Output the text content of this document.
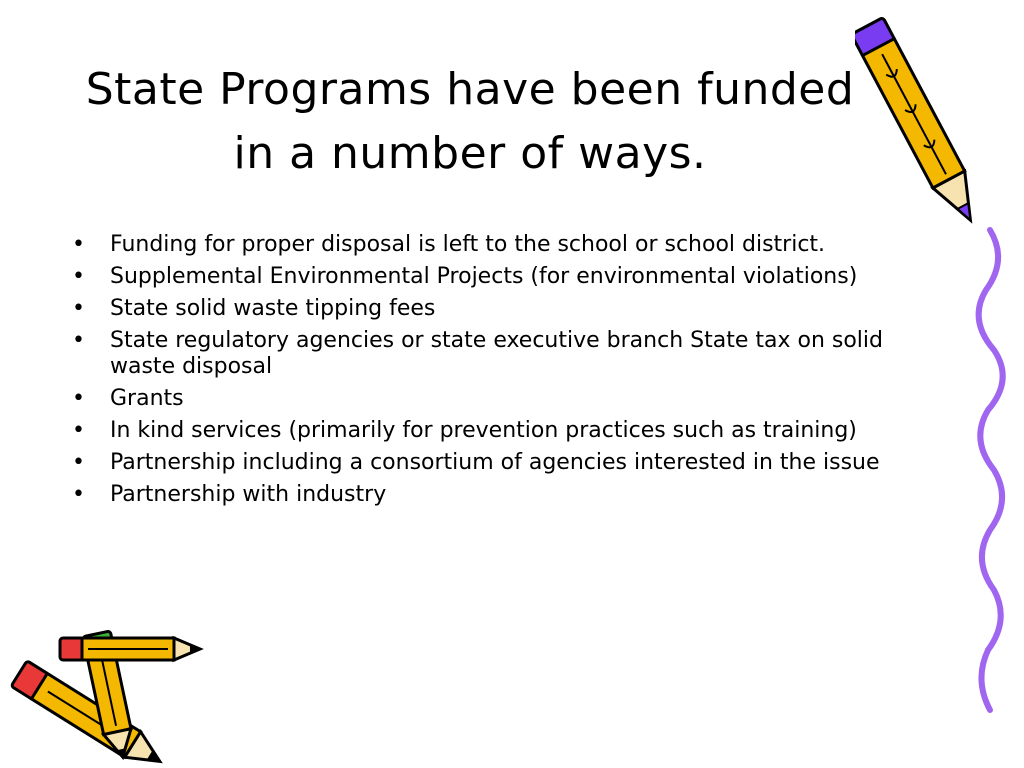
State Programs have been funded in a number of ways.
• Funding for proper disposal is left to the school or school district.
• Supplemental Environmental Projects (for environmental violations)
• State solid waste tipping fees
• State regulatory agencies or state executive branch State tax on solid waste disposal
• Grants
• In kind services (primarily for prevention practices such as training)
• Partnership including a consortium of agencies interested in the issue
• Partnership with industry
